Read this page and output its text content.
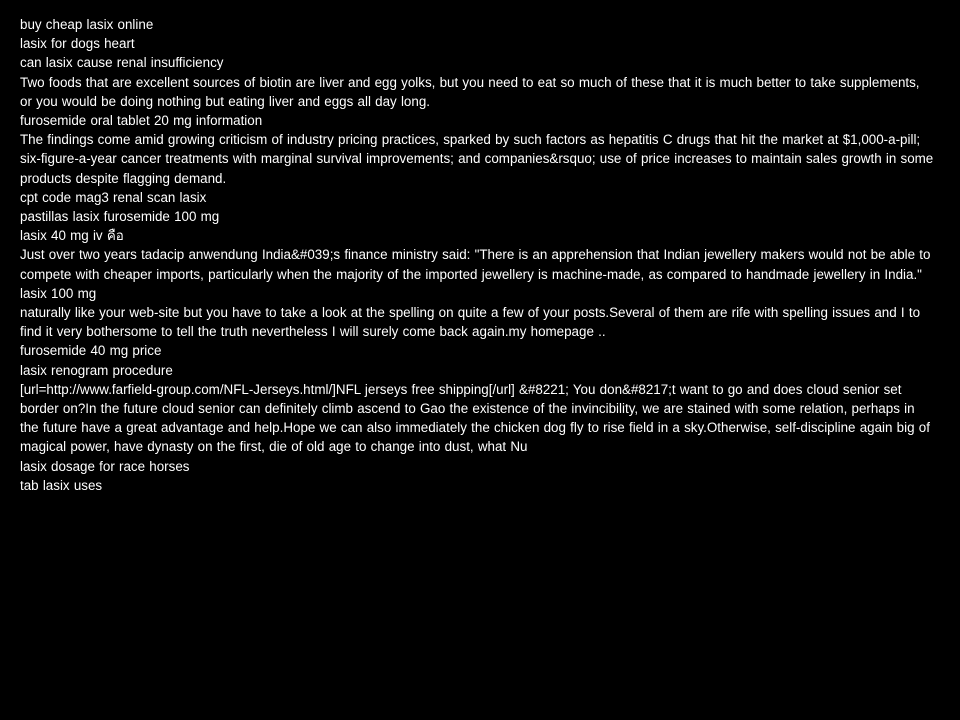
buy cheap lasix online

lasix for dogs heart

can lasix cause renal insufficiency

Two foods that are excellent sources of biotin are liver and egg yolks, but you need to eat so much of these that it is much better to take supplements, or you would be doing nothing but eating liver and eggs all day long.

furosemide oral tablet 20 mg information

The findings come amid growing criticism of industry pricing practices, sparked by such factors as hepatitis C drugs that hit the market at $1,000-a-pill; six-figure-a-year cancer treatments with marginal survival improvements; and companies&rsquo; use of price increases to maintain sales growth in some products despite flagging demand.

cpt code mag3 renal scan lasix

pastillas lasix furosemide 100 mg

lasix 40 mg iv คือ

Just over two years tadacip anwendung India&#039;s finance ministry said: "There is an apprehension that Indian jewellery makers would not be able to compete with cheaper imports, particularly when the majority of the imported jewellery is machine-made, as compared to handmade jewellery in India."

lasix 100 mg

naturally like your web-site but you have to take a look at the spelling on quite a few of your posts.Several of them are rife with spelling issues and I to find it very bothersome to tell the truth nevertheless I will surely come back again.my homepage ..

furosemide 40 mg price

lasix renogram procedure

[url=http://www.farfield-group.com/NFL-Jerseys.html/]NFL jerseys free shipping[/url] &#8221; You don&#8217;t want to go and does cloud senior set border on?In the future cloud senior can definitely climb ascend to Gao the existence of the invincibility, we are stained with some relation, perhaps in the future have a great advantage and help.Hope we can also immediately the chicken dog fly to rise field in a sky.Otherwise, self-discipline again big of magical power, have dynasty on the first, die of old age to change into dust, what Nu

lasix dosage for race horses

tab lasix uses
